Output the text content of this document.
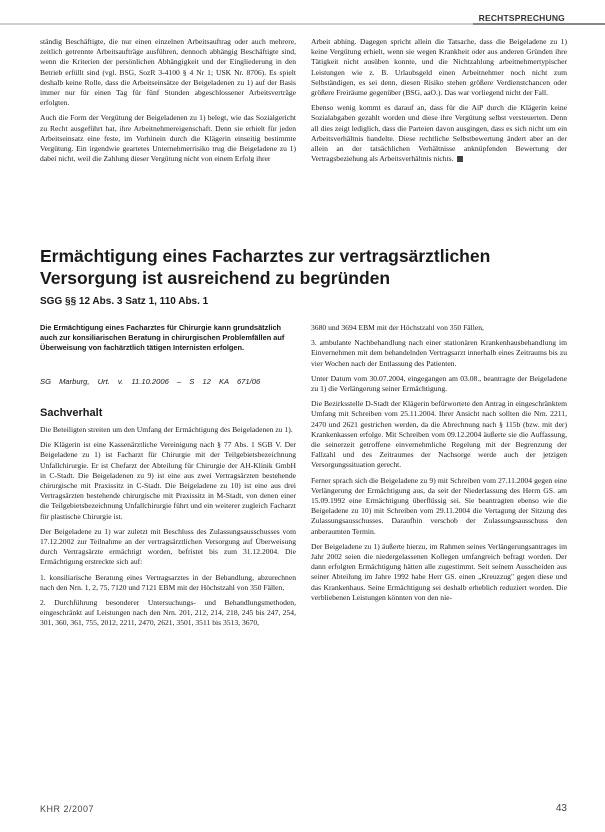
RECHTSPRECHUNG

ständig Beschäftigte, die nur einen einzelnen Arbeitsauftrag oder auch mehrere, zeitlich getrennte Arbeitsaufträge ausführen, dennoch abhängig Beschäftigte sind, wenn die Kriterien der persönlichen Abhängigkeit und der Eingliederung in den Betrieb erfüllt sind (vgl. BSG, SozR 3-4100 § 4 Nr 1; USK Nr. 8706). Es spielt deshalb keine Rolle, dass die Arbeitseinsätze der Beigeladenen zu 1) auf der Basis immer nur für einen Tag für fünf Stunden abgeschlossener Arbeitsverträge erfolgten.

Auch die Form der Vergütung der Beigeladenen zu 1) belegt, wie das Sozialgericht zu Recht ausgeführt hat, ihre Arbeitnehmereigenschaft. Denn sie erhielt für jeden Arbeitseinsatz eine feste, im Vorhinein durch die Klägerin einseitig bestimmte Vergütung. Ein irgendwie geartetes Unternehmerrisiko trug die Beigeladene zu 1) dabei nicht, weil die Zahlung dieser Vergütung nicht von einem Erfolg ihrer

Arbeit abhing. Dagegen spricht allein die Tatsache, dass die Beigeladene zu 1) keine Vergütung erhielt, wenn sie wegen Krankheit oder aus anderen Gründen ihre Tätigkeit nicht ausüben konnte, und die Nichtzahlung arbeitnehmertypischer Leistungen wie z. B. Urlaubsgeld einen Arbeitnehmer noch nicht zum Selbständigen, es sei denn, diesen Risiko stehen größere Verdienstchancen oder größere Freiräume gegenüber (BSG, aaO.). Das war vorliegend nicht der Fall.

Ebenso wenig kommt es darauf an, dass für die AiP durch die Klägerin keine Sozialabgaben gezahlt worden und diese ihre Vergütung selbst versteuerten. Denn all dies zeigt lediglich, dass die Parteien davon ausgingen, dass es sich nicht um ein Arbeitsverhältnis handelte. Diese rechtliche Selbstbewertung ändert aber an der allein an der tatsächlichen Verhältnisse anknüpfenden Bewertung der Vertragsbeziehung als Arbeitsverhältnis nichts.

Ermächtigung eines Facharztes zur vertragsärztlichen Versorgung ist ausreichend zu begründen
SGG §§ 12 Abs. 3 Satz 1, 110 Abs. 1
Die Ermächtigung eines Facharztes für Chirurgie kann grundsätzlich auch zur konsiliarischen Beratung in chirurgischen Problemfällen auf Überweisung von fachärztlich tätigen Internisten erfolgen.
SG Marburg, Urt. v. 11.10.2006 – S 12 KA 671/06
Sachverhalt

Die Beteiligten streiten um den Umfang der Ermächtigung des Beigeladenen zu 1).

Die Klägerin ist eine Kassenärztliche Vereinigung nach § 77 Abs. 1 SGB V. Der Beigeladene zu 1) ist Facharzt für Chirurgie mit der Teilgebietsbezeichnung Unfallchirurgie. Er ist Chefarzt der Abteilung für Chirurgie der AH-Klinik GmbH in C-Stadt. Die Beigeladenen zu 9) ist eine aus zwei Vertragsärzten bestehende chirurgische mit Praxissitz in C-Stadt. Die Beigeladene zu 10) ist eine aus drei Vertragsärzten bestehende chirurgische mit Praxissitz in M-Stadt, von denen einer die Teilgebietsbezeichnung Unfallchirurgie führt und ein weiterer zugleich Facharzt für plastische Chirurgie ist.

Der Beigeladene zu 1) war zuletzt mit Beschluss des Zulassungsausschusses vom 17.12.2002 zur Teilnahme an der vertragsärztlichen Versorgung auf Überweisung durch Vertragsärzte ermächtigt worden, befristet bis zum 31.12.2004. Die Ermächtigung erstreckte sich auf:

1. konsiliarische Beratung eines Vertragsarztes in der Behandlung, abzurechnen nach den Nrn. 1, 2, 75, 7120 und 7121 EBM mit der Höchstzahl von 350 Fällen,

2. Durchführung besonderer Untersuchungs- und Behandlungsmethoden, eingeschränkt auf Leistungen nach den Nrn. 201, 212, 214, 218, 245 bis 247, 254, 301, 360, 361, 755, 2012, 2211, 2470, 2621, 3501, 3511 bis 3513, 3670,

3680 und 3694 EBM mit der Höchstzahl von 350 Fällen,

3. ambulante Nachbehandlung nach einer stationären Krankenhausbehandlung im Einvernehmen mit dem behandelnden Vertragsarzt innerhalb eines Zeitraums bis zu vier Wochen nach der Entlassung des Patienten.

Unter Datum vom 30.07.2004, eingegangen am 03.08., beantragte der Beigeladene zu 1) die Verlängerung seiner Ermächtigung.

Die Bezirksstelle D-Stadt der Klägerin befürwortete den Antrag in eingeschränktem Umfang mit Schreiben vom 25.11.2004. Ihrer Ansicht nach sollten die Nrn. 2211, 2470 und 2621 gestrichen werden, da die Abrechnung nach § 115b (bzw. mit der) Krankenkassen erfolge. Mit Schreiben vom 09.12.2004 äußerte sie die Auffassung, die seinerzeit getroffene einvernehmliche Regelung mit der Begrenzung der Fallzahl und des Zeitraumes der Nachsorge werde auch der jetzigen Versorgungssituation gerecht.

Ferner sprach sich die Beigeladene zu 9) mit Schreiben vom 27.11.2004 gegen eine Verlängerung der Ermächtigung aus, da seit der Niederlassung des Herrn GS. am 15.09.1992 eine Ermächtigung überflüssig sei. Sie beantragten ebenso wie die Beigeladene zu 10) mit Schreiben vom 29.11.2004 die Vertagung der Sitzung des Zulassungsausschusses. Daraufhin verschob der Zulassungsausschuss den anberaumten Termin.

Der Beigeladene zu 1) äußerte hierzu, im Rahmen seines Verlängerungsantrages im Jahr 2002 seien die niedergelassenen Kollegen umfangreich befragt worden. Der dann erfolgten Ermächtigung hätten alle zugestimmt. Seit seinem Ausscheiden aus seiner Abteilung im Jahre 1992 habe Herr GS. einen „Kreuzzug" gegen diese und das Krankenhaus. Seine Ermächtigung sei deshalb erheblich reduziert worden. Die verbliebenen Leistungen könnten von den nie-

KHR 2/2007	43
